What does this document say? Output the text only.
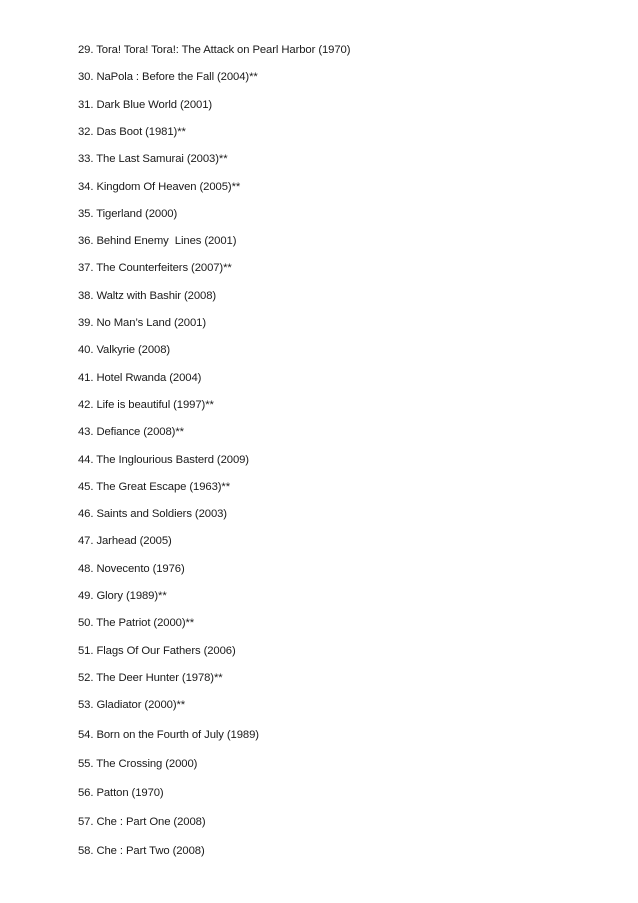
29. Tora! Tora! Tora!: The Attack on Pearl Harbor (1970)
30. NaPola : Before the Fall (2004)**
31. Dark Blue World (2001)
32. Das Boot (1981)**
33. The Last Samurai (2003)**
34. Kingdom Of Heaven (2005)**
35. Tigerland (2000)
36. Behind Enemy  Lines (2001)
37. The Counterfeiters (2007)**
38. Waltz with Bashir (2008)
39. No Man’s Land (2001)
40. Valkyrie (2008)
41. Hotel Rwanda (2004)
42. Life is beautiful (1997)**
43. Defiance (2008)**
44. The Inglourious Basterd (2009)
45. The Great Escape (1963)**
46. Saints and Soldiers (2003)
47. Jarhead (2005)
48. Novecento (1976)
49. Glory (1989)**
50. The Patriot (2000)**
51. Flags Of Our Fathers (2006)
52. The Deer Hunter (1978)**
53. Gladiator (2000)**
54. Born on the Fourth of July (1989)
55. The Crossing (2000)
56. Patton (1970)
57. Che : Part One (2008)
58. Che : Part Two (2008)
